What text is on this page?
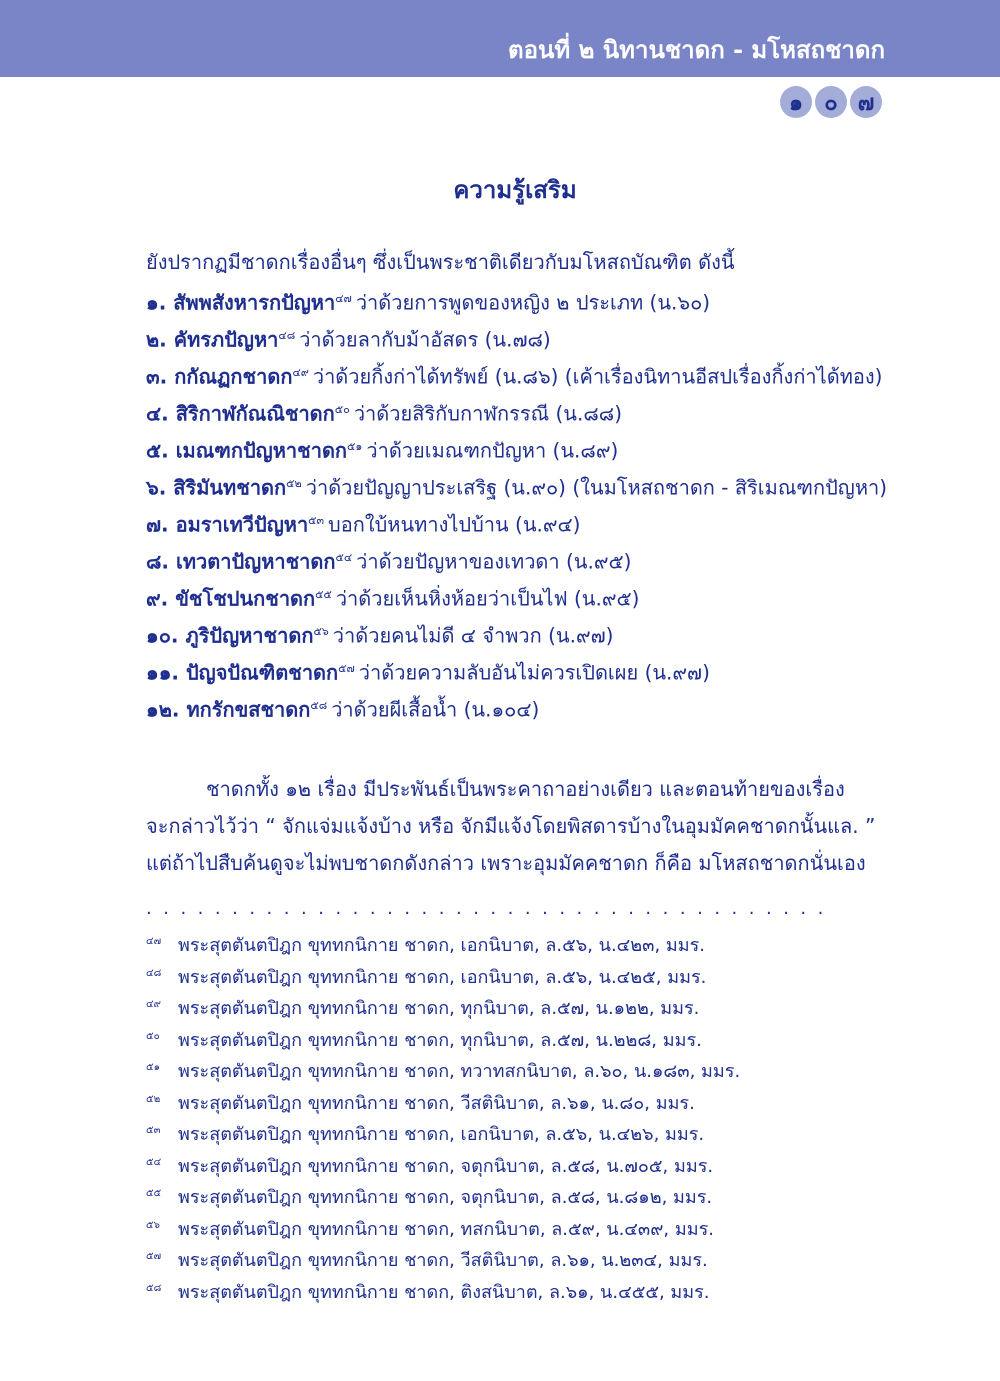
ตอนที่ ๒ นิทานชาดก - มโหสถชาดก
๑ ๐ ๗
ความรู้เสริม
ยังปรากฏมีชาดกเรื่องอื่นๆ ซึ่งเป็นพระชาติเดียวกับมโหสถบัณฑิต ดังนี้
๑. สัพพสังหารกปัญหา$^{๔๗}$ ว่าด้วยการพูดของหญิง ๒ ประเภท (น.๖๐)
๒. คัทรภปัญหา$^{๔๘}$ ว่าด้วยลากับม้าอัสดร (น.๗๘)
๓. กกัณฏกชาดก$^{๔๙}$ ว่าด้วยกิ้งก่าได้ทรัพย์ (น.๘๖) (เค้าเรื่องนิทานอีสปเรื่องกิ้งก่าได้ทอง)
๔. สิริกาฬกัณณิชาดก$^{๕๐}$ ว่าด้วยสิริกับกาฬกรรณี (น.๘๘)
๕. เมณฑกปัญหาชาดก$^{๕๑}$ ว่าด้วยเมณฑกปัญหา (น.๘๙)
๖. สิริมันทชาดก$^{๕๒}$ ว่าด้วยปัญญาประเสริฐ (น.๙๐) (ในมโหสถชาดก - สิริเมณฑกปัญหา)
๗. อมราเทวีปัญหา$^{๕๓}$ บอกใบ้หนทางไปบ้าน (น.๙๔)
๘. เทวตาปัญหาชาดก$^{๕๔}$ ว่าด้วยปัญหาของเทวดา (น.๙๕)
๙. ขัชโชปนกชาดก$^{๕๕}$ ว่าด้วยเห็นหิ่งห้อยว่าเป็นไฟ (น.๙๕)
๑๐. ภูริปัญหาชาดก$^{๕๖}$ ว่าด้วยคนไม่ดี ๔ จำพวก (น.๙๗)
๑๑. ปัญจปัณฑิตชาดก$^{๕๗}$ ว่าด้วยความลับอันไม่ควรเปิดเผย (น.๙๗)
๑๒. ทกรักขสชาดก$^{๕๘}$ ว่าด้วยผีเสื้อน้ำ (น.๑๐๔)
ชาดกทั้ง ๑๒ เรื่อง มีประพันธ์เป็นพระคาถาอย่างเดียว และตอนท้ายของเรื่อง
จะกล่าวไว้ว่า “ จักแจ่มแจ้งบ้าง หรือ จักมีแจ้งโดยพิสดารบ้างในอุมมัคคชาดกนั้นแล. ”
แต่ถ้าไปสืบค้นดูจะไม่พบชาดกดังกล่าว เพราะอุมมัคคชาดก ก็คือ มโหสถชาดกนั่นเอง
........................................
$^{๔๗}$ พระสุตตันตปิฎก ขุททกนิกาย ชาดก, เอกนิบาต, ล.๕๖, น.๔๒๓, มมร.
$^{๔๘}$ พระสุตตันตปิฎก ขุททกนิกาย ชาดก, เอกนิบาต, ล.๕๖, น.๔๒๕, มมร.
$^{๔๙}$ พระสุตตันตปิฎก ขุททกนิกาย ชาดก, ทุกนิบาต, ล.๕๗, น.๑๒๒, มมร.
$^{๕๐}$ พระสุตตันตปิฎก ขุททกนิกาย ชาดก, ทุกนิบาต, ล.๕๗, น.๒๒๘, มมร.
$^{๕๑}$ พระสุตตันตปิฎก ขุททกนิกาย ชาดก, ทวาทสกนิบาต, ล.๖๐, น.๑๘๓, มมร.
$^{๕๒}$ พระสุตตันตปิฎก ขุททกนิกาย ชาดก, วีสตินิบาต, ล.๖๑, น.๘๐, มมร.
$^{๕๓}$ พระสุตตันตปิฎก ขุททกนิกาย ชาดก, เอกนิบาต, ล.๕๖, น.๔๒๖, มมร.
$^{๕๔}$ พระสุตตันตปิฎก ขุททกนิกาย ชาดก, จตุกนิบาต, ล.๕๘, น.๗๐๕, มมร.
$^{๕๕}$ พระสุตตันตปิฎก ขุททกนิกาย ชาดก, จตุกนิบาต, ล.๕๘, น.๘๑๒, มมร.
$^{๕๖}$ พระสุตตันตปิฎก ขุททกนิกาย ชาดก, ทสกนิบาต, ล.๕๙, น.๔๓๙, มมร.
$^{๕๗}$ พระสุตตันตปิฎก ขุททกนิกาย ชาดก, วีสตินิบาต, ล.๖๑, น.๒๓๔, มมร.
$^{๕๘}$ พระสุตตันตปิฎก ขุททกนิกาย ชาดก, ติงสนิบาต, ล.๖๑, น.๔๕๕, มมร.
